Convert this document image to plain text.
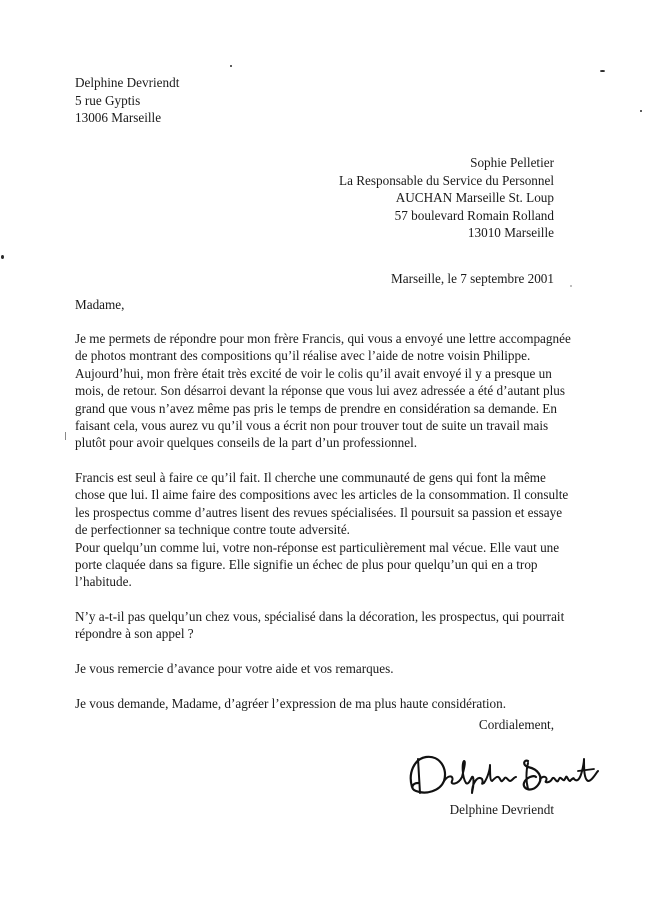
Delphine Devriendt
5 rue Gyptis
13006 Marseille
Sophie Pelletier
La Responsable du Service du Personnel
AUCHAN Marseille St. Loup
57 boulevard Romain Rolland
13010 Marseille
Marseille, le 7 septembre 2001
Madame,

Je me permets de répondre pour mon frère Francis, qui vous a envoyé une lettre accompagnée
de photos montrant des compositions qu’il réalise avec l’aide de notre voisin Philippe.
Aujourd’hui, mon frère était très excité de voir le colis qu’il avait envoyé il y a presque un
mois, de retour. Son désarroi devant la réponse que vous lui avez adressée a été d’autant plus
grand que vous n’avez même pas pris le temps de prendre en considération sa demande. En
faisant cela, vous aurez vu qu’il vous a écrit non pour trouver tout de suite un travail mais
plutôt pour avoir quelques conseils de la part d’un professionnel.

Francis est seul à faire ce qu’il fait. Il cherche une communauté de gens qui font la même
chose que lui. Il aime faire des compositions avec les articles de la consommation. Il consulte
les prospectus comme d’autres lisent des revues spécialisées. Il poursuit sa passion et essaye
de perfectionner sa technique contre toute adversité.

Pour quelqu’un comme lui, votre non-réponse est particulièrement mal vécue. Elle vaut une
porte claquée dans sa figure. Elle signifie un échec de plus pour quelqu’un qui en a trop
l’habitude.

N’y a-t-il pas quelqu’un chez vous, spécialisé dans la décoration, les prospectus, qui pourrait
répondre à son appel ?

Je vous remercie d’avance pour votre aide et vos remarques.

Je vous demande, Madame, d’agréer l’expression de ma plus haute considération.

Cordialement,
Delphine Devriendt
